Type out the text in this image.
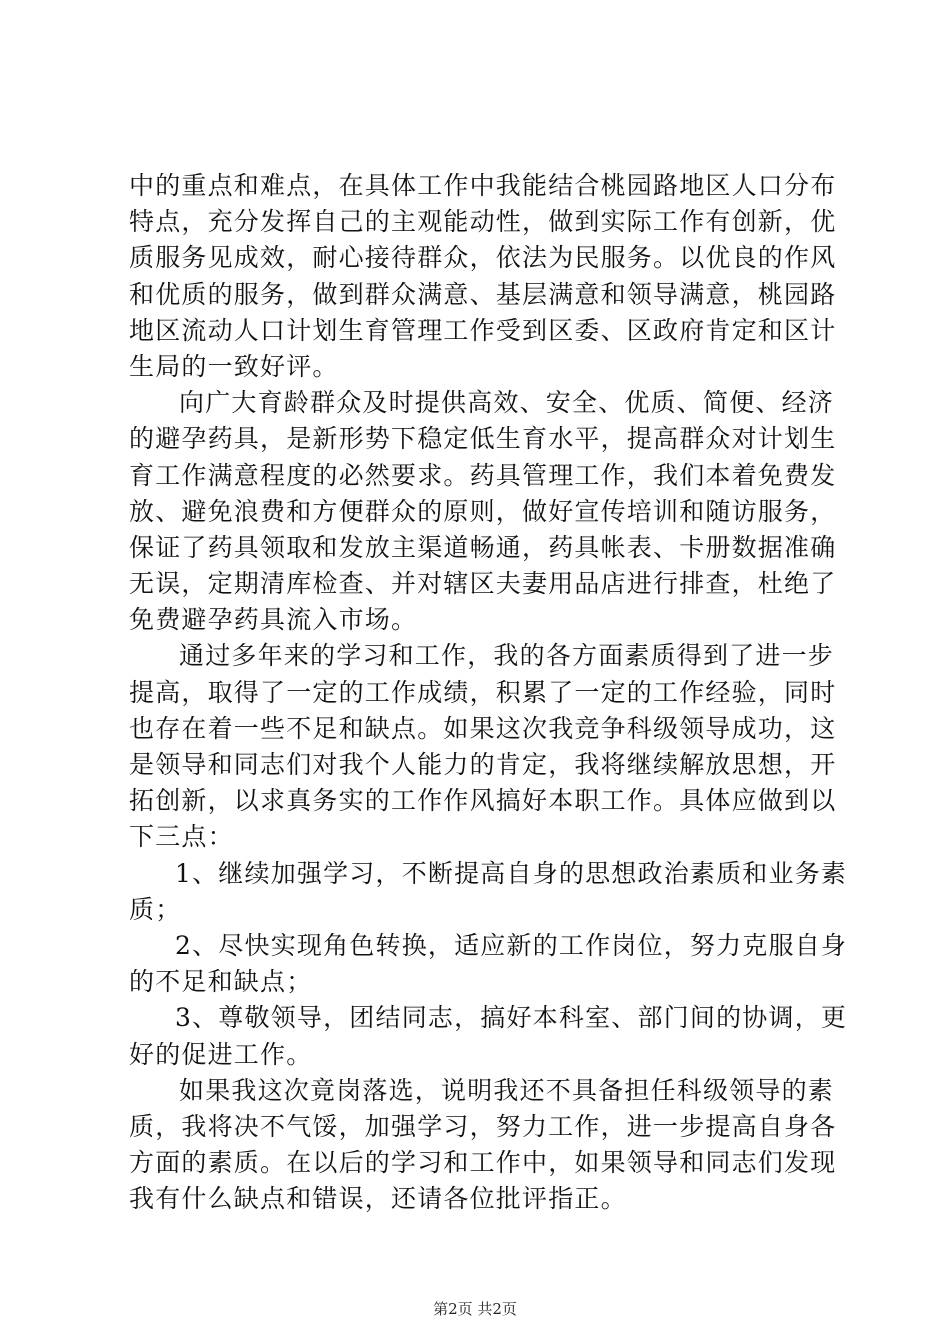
中的重点和难点，在具体工作中我能结合桃园路地区人口分布
特点，充分发挥自己的主观能动性，做到实际工作有创新，优
质服务见成效，耐心接待群众，依法为民服务。以优良的作风
和优质的服务，做到群众满意、基层满意和领导满意，桃园路
地区流动人口计划生育管理工作受到区委、区政府肯定和区计
生局的一致好评。
向广大育龄群众及时提供高效、安全、优质、简便、经济
的避孕药具，是新形势下稳定低生育水平，提高群众对计划生
育工作满意程度的必然要求。药具管理工作，我们本着免费发
放、避免浪费和方便群众的原则，做好宣传培训和随访服务，
保证了药具领取和发放主渠道畅通，药具帐表、卡册数据准确
无误，定期清库检查、并对辖区夫妻用品店进行排查，杜绝了
免费避孕药具流入市场。
通过多年来的学习和工作，我的各方面素质得到了进一步
提高，取得了一定的工作成绩，积累了一定的工作经验，同时
也存在着一些不足和缺点。如果这次我竞争科级领导成功，这
是领导和同志们对我个人能力的肯定，我将继续解放思想，开
拓创新，以求真务实的工作作风搞好本职工作。具体应做到以
下三点：
1、继续加强学习，不断提高自身的思想政治素质和业务素
质；
2、尽快实现角色转换，适应新的工作岗位，努力克服自身
的不足和缺点；
3、尊敬领导，团结同志，搞好本科室、部门间的协调，更
好的促进工作。
如果我这次竟岗落选，说明我还不具备担任科级领导的素
质，我将决不气馁，加强学习，努力工作，进一步提高自身各
方面的素质。在以后的学习和工作中，如果领导和同志们发现
我有什么缺点和错误，还请各位批评指正。
第2页 共2页
